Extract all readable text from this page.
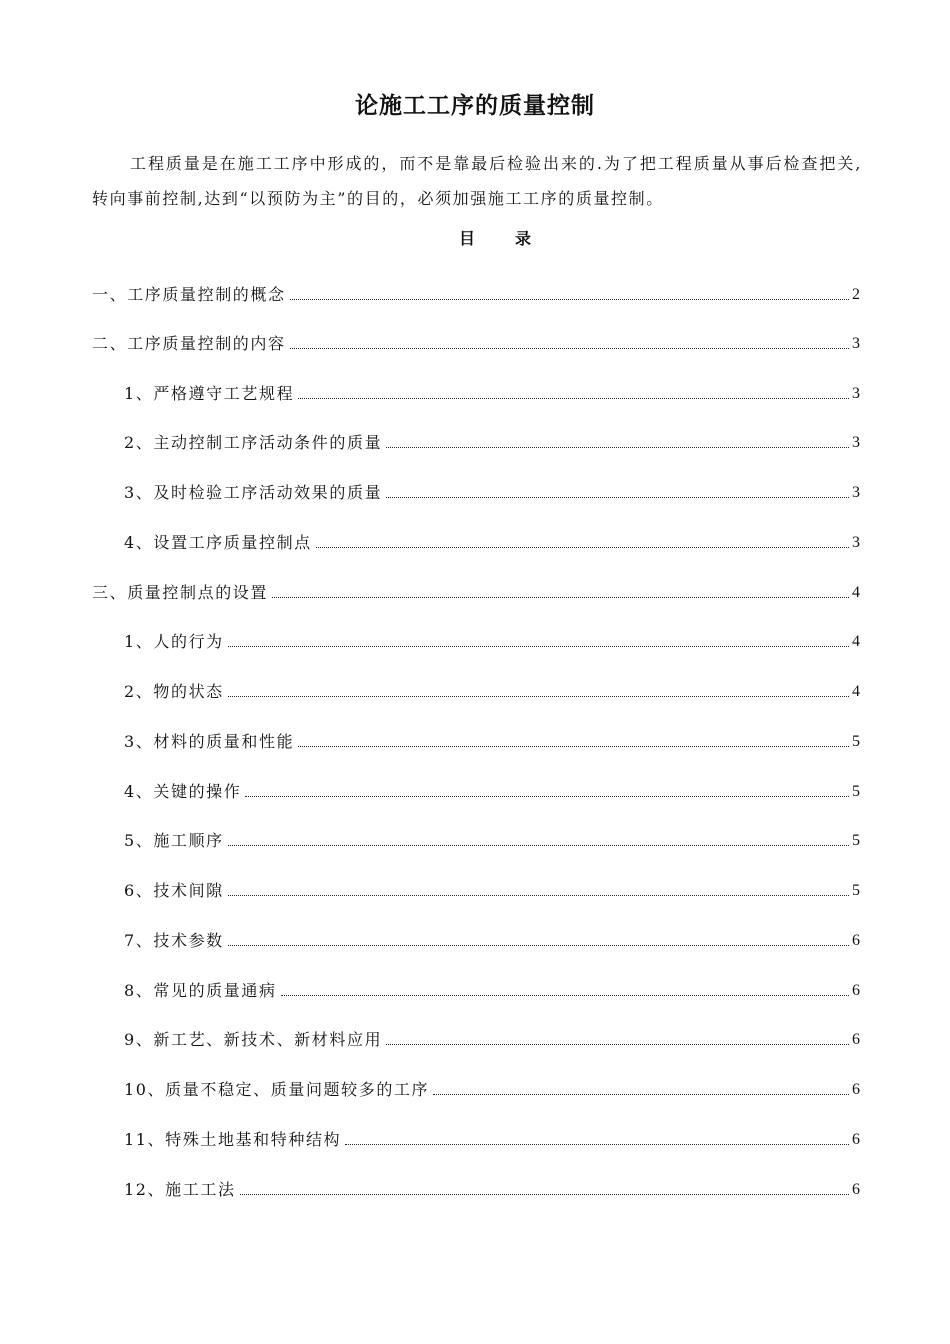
论施工工序的质量控制

工程质量是在施工工序中形成的，而不是靠最后检验出来的.为了把工程质量从事后检查把关,转向事前控制,达到“以预防为主”的目的，必须加强施工工序的质量控制。

目	录
一、工序质量控制的概念	2
二、工序质量控制的内容	3
1、严格遵守工艺规程	3
2、主动控制工序活动条件的质量	3
3、及时检验工序活动效果的质量	3
4、设置工序质量控制点	3
三、质量控制点的设置	4
1、人的行为	4
2、物的状态	4
3、材料的质量和性能	5
4、关键的操作	5
5、施工顺序	5
6、技术间隙	5
7、技术参数	6
8、常见的质量通病	6
9、新工艺、新技术、新材料应用	6
10、质量不稳定、质量问题较多的工序	6
11、特殊土地基和特种结构	6
12、施工工法	6
